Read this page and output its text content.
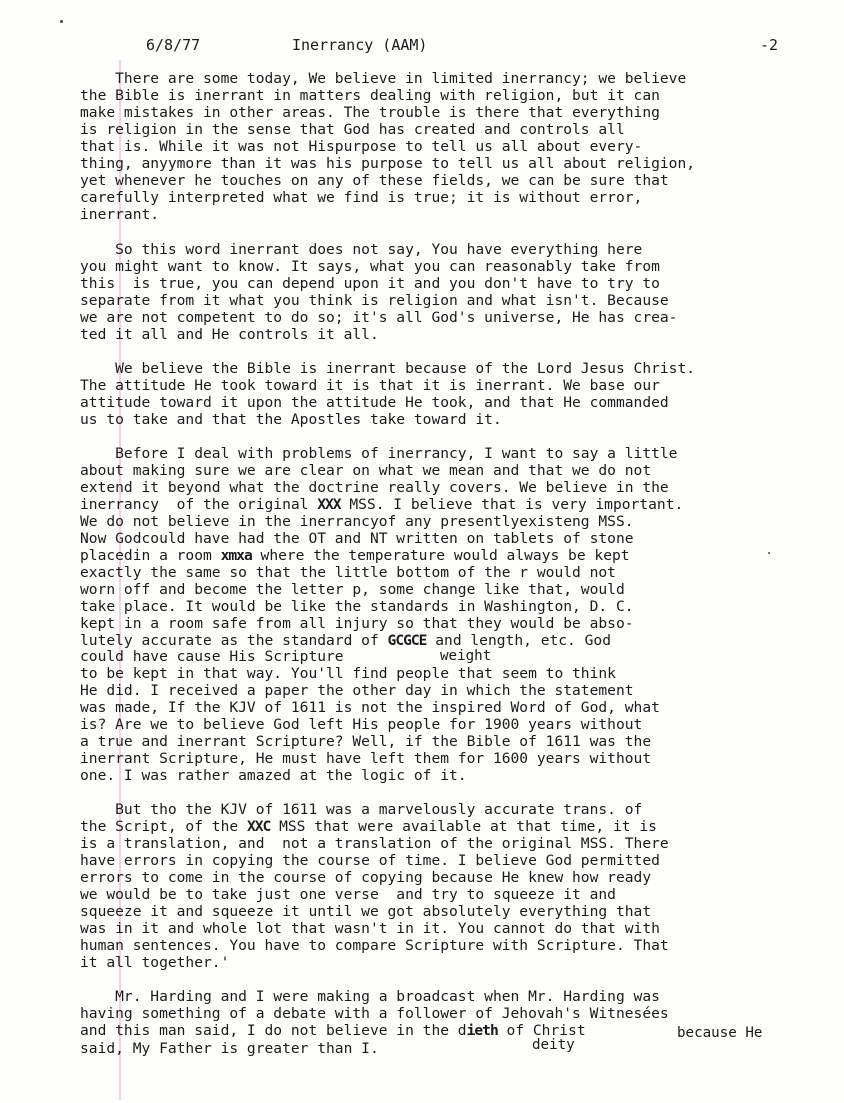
6/8/77	Inerrancy (AAM)	-2
There are some today, We believe in limited inerrancy; we believe
the Bible is inerrant in matters dealing with religion, but it can
make mistakes in other areas. The trouble is there that everything
is religion in the sense that God has created and controls all
that is. While it was not Hispurpose to tell us all about every-
thing, anyymore than it was his purpose to tell us all about religion,
yet whenever he touches on any of these fields, we can be sure that
carefully interpreted what we find is true; it is without error,
inerrant.
So this word inerrant does not say, You have everything here
you might want to know. It says, what you can reasonably take from
this  is true, you can depend upon it and you don't have to try to
separate from it what you think is religion and what isn't. Because
we are not competent to do so; it's all God's universe, He has crea-
ted it all and He controls it all.
We believe the Bible is inerrant because of the Lord Jesus Christ.
The attitude He took toward it is that it is inerrant. We base our
attitude toward it upon the attitude He took, and that He commanded
us to take and that the Apostles take toward it.
Before I deal with problems of inerrancy, I want to say a little
about making sure we are clear on what we mean and that we do not
extend it beyond what the doctrine really covers. We believe in the
inerrancy  of the original XXX MSS. I believe that is very important.
We do not believe in the inerrancyof any presentlyexisteng MSS.
Now Godcould have had the OT and NT written on tablets of stone
placedin a room xmxa where the temperature would always be kept
exactly the same so that the little bottom of the r would not
worn off and become the letter p, some change like that, would
take place. It would be like the standards in Washington, D. C.
kept in a room safe from all injury so that they would be abso-
lutely accurate as the standard of GCGCE and length, etc. God
could have cause His Scripture	weight
to be kept in that way. You'll find people that seem to think
He did. I received a paper the other day in which the statement
was made, If the KJV of 1611 is not the inspired Word of God, what
is? Are we to believe God left His people for 1900 years without
a true and inerrant Scripture? Well, if the Bible of 1611 was the
inerrant Scripture, He must have left them for 1600 years without
one. I was rather amazed at the logic of it.
But tho the KJV of 1611 was a marvelously accurate trans. of
the Script, of the XXC MSS that were available at that time, it is
is a translation, and  not a translation of the original MSS. There
have errors in copying the course of time. I believe God permitted
errors to come in the course of copying because He knew how ready
we would be to take just one verse  and try to squeeze it and
squeeze it and squeeze it until we got absolutely everything that
was in it and whole lot that wasn't in it. You cannot do that with
human sentences. You have to compare Scripture with Scripture. That
it all together.'
Mr. Harding and I were making a broadcast when Mr. Harding was
having something of a debate with a follower of Jehovah's Witnesées
and this man said, I do not believe in the dieth of Christ	because He
said, My Father is greater than I.	deity
